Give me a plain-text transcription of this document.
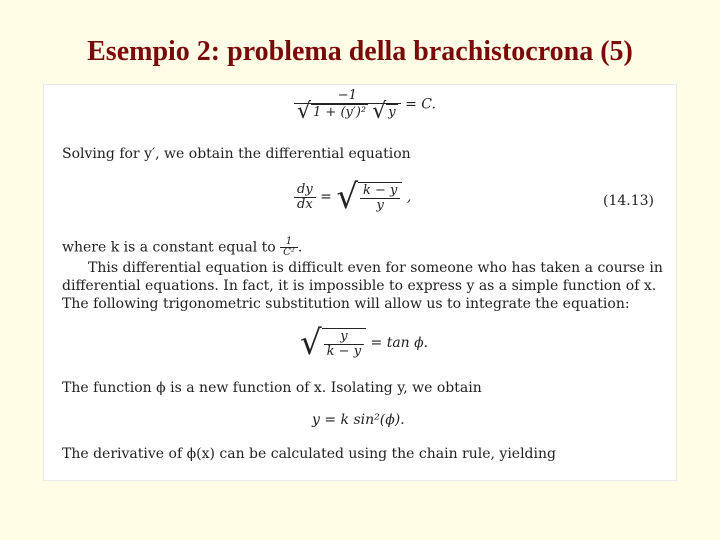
Esempio 2: problema della brachistocrona (5)
$\frac{-1}{\text{√ 1 + (y′)² √ y}} = C$.
Solving for y′, we obtain the differential equation
$\frac{dy}{dx}$ = √ $\frac{k - y}{y}$ ,	(14.13)
where k is a constant equal to $\frac{1}{\text{C²}}$ .
This differential equation is difficult even for someone who has taken a course in
differential equations. In fact, it is impossible to express y as a simple function of x.
The following trigonometric substitution will allow us to integrate the equation:
√ $\frac{y}{k - y} = \tan \phi$.
The function ϕ is a new function of x. Isolating y, we obtain
y = k sin²(ϕ).
The derivative of ϕ(x) can be calculated using the chain rule, yielding
